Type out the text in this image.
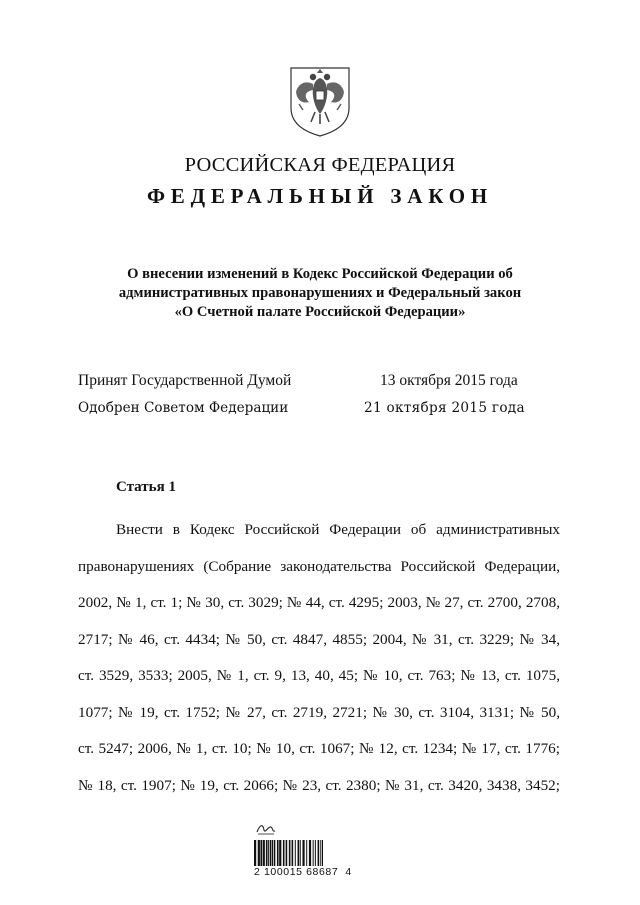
РОССИЙСКАЯ ФЕДЕРАЦИЯ
ФЕДЕРАЛЬНЫЙ ЗАКОН
О внесении изменений в Кодекс Российской Федерации об
административных правонарушениях и Федеральный закон
«О Счетной палате Российской Федерации»
Принят Государственной Думой	13 октября 2015 года
Одобрен Советом Федерации	21 октября 2015 года
Статья 1
Внести в Кодекс Российской Федерации об административных
правонарушениях (Собрание законодательства Российской Федерации,
2002, № 1, ст. 1; № 30, ст. 3029; № 44, ст. 4295; 2003, № 27, ст. 2700, 2708,
2717; № 46, ст. 4434; № 50, ст. 4847, 4855; 2004, № 31, ст. 3229; № 34,
ст. 3529, 3533; 2005, № 1, ст. 9, 13, 40, 45; № 10, ст. 763; № 13, ст. 1075,
1077; № 19, ст. 1752; № 27, ст. 2719, 2721; № 30, ст. 3104, 3131; № 50,
ст. 5247; 2006, № 1, ст. 10; № 10, ст. 1067; № 12, ст. 1234; № 17, ст. 1776;
№ 18, ст. 1907; № 19, ст. 2066; № 23, ст. 2380; № 31, ст. 3420, 3438, 3452;
2 100015 68687  4
